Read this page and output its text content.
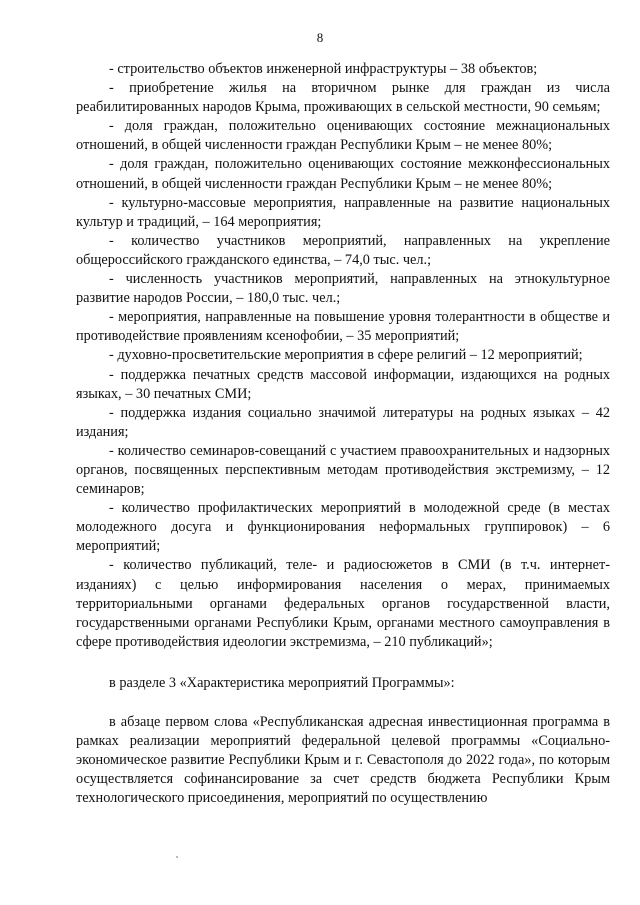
8

- строительство объектов инженерной инфраструктуры – 38 объектов;

- приобретение жилья на вторичном рынке для граждан из числа реабилитированных народов Крыма, проживающих в сельской местности, 90 семьям;

- доля граждан, положительно оценивающих состояние межнациональных отношений, в общей численности граждан Республики Крым – не менее 80%;

- доля граждан, положительно оценивающих состояние межконфессиональных отношений, в общей численности граждан Республики Крым – не менее 80%;

- культурно-массовые мероприятия, направленные на развитие национальных культур и традиций, – 164 мероприятия;

- количество участников мероприятий, направленных на укрепление общероссийского гражданского единства, – 74,0 тыс. чел.;

- численность участников мероприятий, направленных на этнокультурное развитие народов России, – 180,0 тыс. чел.;

- мероприятия, направленные на повышение уровня толерантности в обществе и противодействие проявлениям ксенофобии, – 35 мероприятий;

- духовно-просветительские мероприятия в сфере религий – 12 мероприятий;

- поддержка печатных средств массовой информации, издающихся на родных языках, – 30 печатных СМИ;

- поддержка издания социально значимой литературы на родных языках – 42 издания;

- количество семинаров-совещаний с участием правоохранительных и надзорных органов, посвященных перспективным методам противодействия экстремизму, – 12 семинаров;

- количество профилактических мероприятий в молодежной среде (в местах молодежного досуга и функционирования неформальных группировок) – 6 мероприятий;

- количество публикаций, теле- и радиосюжетов в СМИ (в т.ч. интернет-изданиях) с целью информирования населения о мерах, принимаемых территориальными органами федеральных органов государственной власти, государственными органами Республики Крым, органами местного самоуправления в сфере противодействия идеологии экстремизма, – 210 публикаций»;

в разделе 3 «Характеристика мероприятий Программы»:

в абзаце первом слова «Республиканская адресная инвестиционная программа в рамках реализации мероприятий федеральной целевой программы «Социально-экономическое развитие Республики Крым и г. Севастополя до 2022 года», по которым осуществляется софинансирование за счет средств бюджета Республики Крым технологического присоединения, мероприятий по осуществлению
